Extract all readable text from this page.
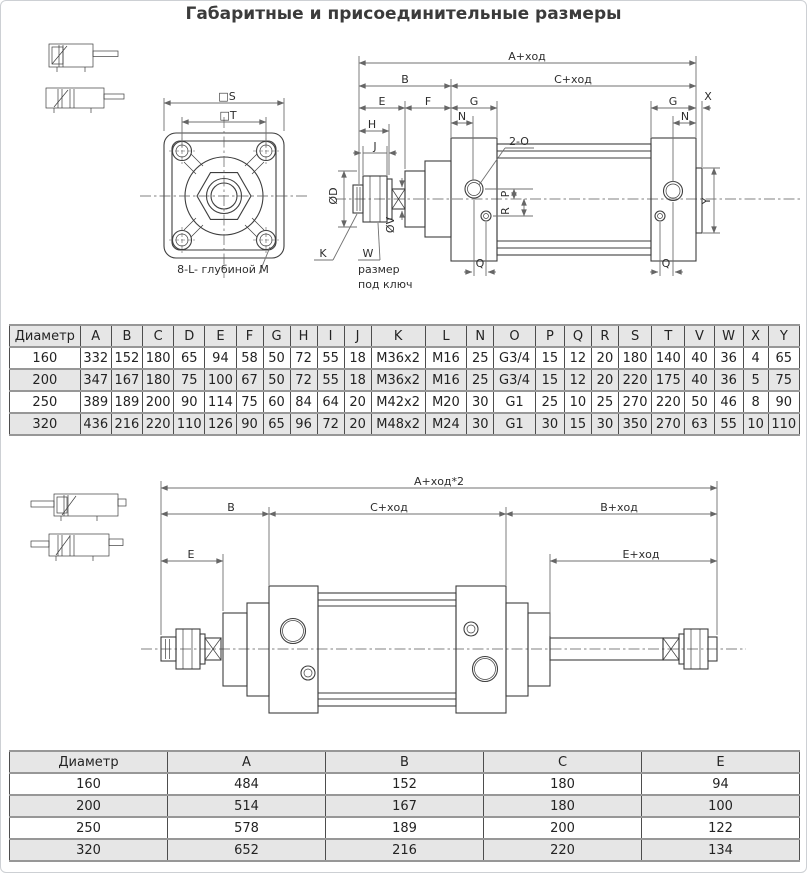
Габаритные и присоединительные размеры
□S
□T
8-L- глубиной M
A+ход
B	C+ход
E	F	G	G X
H
J
N	N
2-O
ØD
ØV
K	W
размер
под ключ
P
R
Q	Q
Y
A+ход*2
B	C+ход	B+ход
E	E+ход
Диаметр	A	B	C	D	E	F	G	H	I	J	K	L	N	O	P	Q	R	S	T	V	W	X	Y
160	332	152	180	65	94	58	50	72	55	18	M36x2	M16	25	G3/4	15	12	20	180	140	40	36	4	65
200	347	167	180	75	100	67	50	72	55	18	M36x2	M16	25	G3/4	15	12	20	220	175	40	36	5	75
250	389	189	200	90	114	75	60	84	64	20	M42x2	M20	30	G1	25	10	25	270	220	50	46	8	90
320	436	216	220	110	126	90	65	96	72	20	M48x2	M24	30	G1	30	15	30	350	270	63	55	10	110
Диаметр	A	B	C	E
160	484	152	180	94
200	514	167	180	100
250	578	189	200	122
320	652	216	220	134
